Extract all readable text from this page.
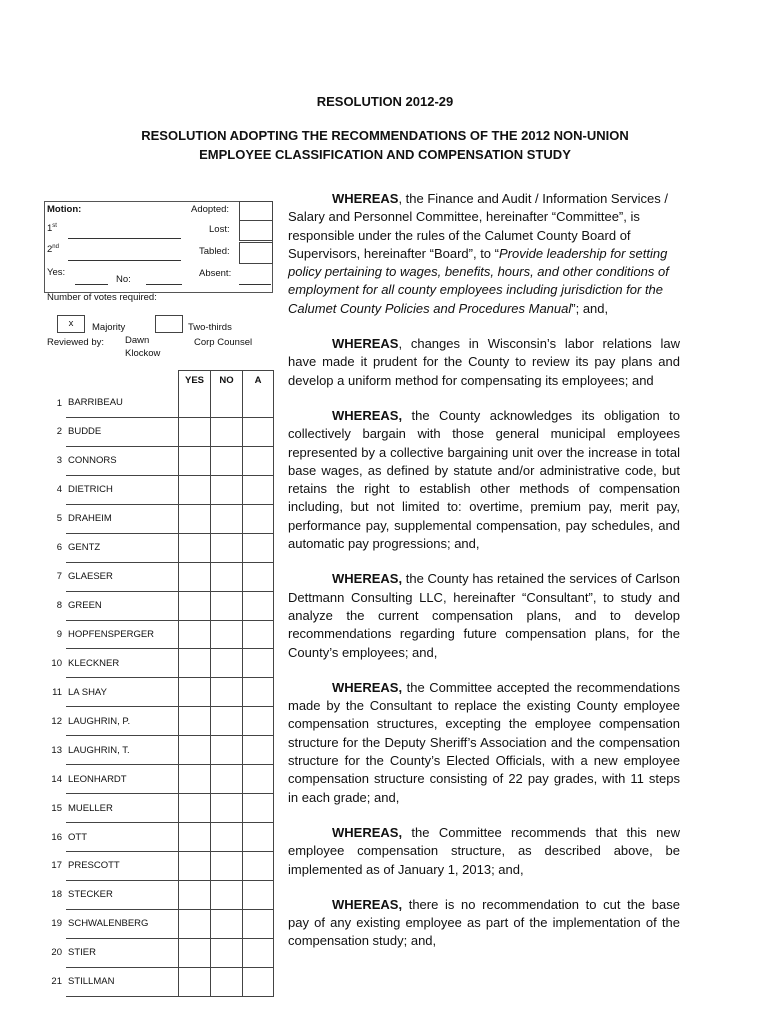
RESOLUTION 2012-29
RESOLUTION ADOPTING THE RECOMMENDATIONS OF THE 2012 NON-UNION
EMPLOYEE CLASSIFICATION AND COMPENSATION STUDY
Motion:
1st
2nd
Yes:
No:
Adopted:
Lost:
Tabled:
Absent:
Number of votes required:
x	Majority	Two-thirds
Reviewed by: Dawn
Klockow
Corp Counsel
		YES	NO	A
1	BARRIBEAU			
2	BUDDE			
3	CONNORS			
4	DIETRICH			
5	DRAHEIM			
6	GENTZ			
7	GLAESER			
8	GREEN			
9	HOPFENSPERGER			
10	KLECKNER			
11	LA SHAY			
12	LAUGHRIN, P.			
13	LAUGHRIN, T.			
14	LEONHARDT			
15	MUELLER			
16	OTT			
17	PRESCOTT			
18	STECKER			
19	SCHWALENBERG			
20	STIER			
21	STILLMAN			

WHEREAS, the Finance and Audit / Information Services / Salary and Personnel Committee, hereinafter “Committee”, is responsible under the rules of the Calumet County Board of Supervisors, hereinafter “Board”, to “Provide leadership for setting policy pertaining to wages, benefits, hours, and other conditions of employment for all county employees including jurisdiction for the Calumet County Policies and Procedures Manual”; and,

WHEREAS, changes in Wisconsin’s labor relations law have made it prudent for the County to review its pay plans and develop a uniform method for compensating its employees; and

WHEREAS, the County acknowledges its obligation to collectively bargain with those general municipal employees represented by a collective bargaining unit over the increase in total base wages, as defined by statute and/or administrative code, but retains the right to establish other methods of compensation including, but not limited to: overtime, premium pay, merit pay, performance pay, supplemental compensation, pay schedules, and automatic pay progressions; and,

WHEREAS, the County has retained the services of Carlson Dettmann Consulting LLC, hereinafter “Consultant”, to study and analyze the current compensation plans, and to develop recommendations regarding future compensation plans, for the County’s employees; and,

WHEREAS, the Committee accepted the recommendations made by the Consultant to replace the existing County employee compensation structures, excepting the employee compensation structure for the Deputy Sheriff’s Association and the compensation structure for the County’s Elected Officials, with a new employee compensation structure consisting of 22 pay grades, with 11 steps in each grade; and,

WHEREAS, the Committee recommends that this new employee compensation structure, as described above, be implemented as of January 1, 2013; and,

WHEREAS, there is no recommendation to cut the base pay of any existing employee as part of the implementation of the compensation study; and,
